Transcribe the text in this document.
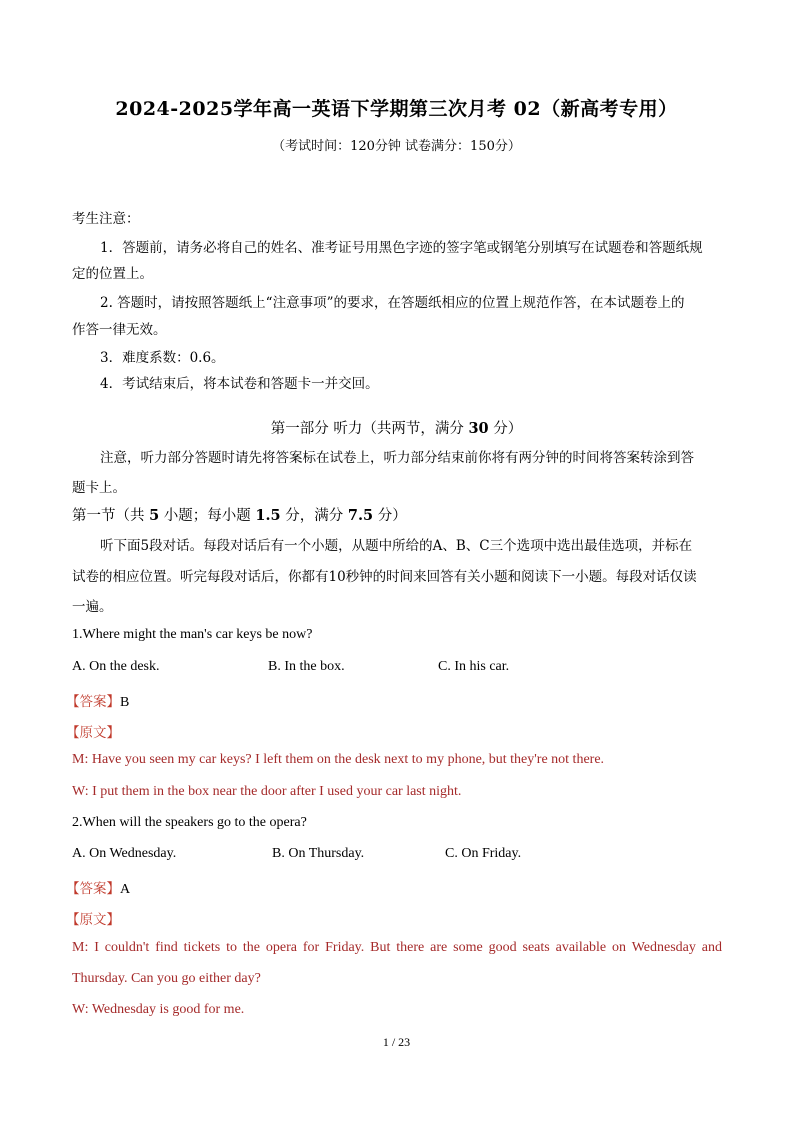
2024-2025学年高一英语下学期第三次月考 02（新高考专用）
（考试时间：120分钟 试卷满分：150分）
考生注意：
1．答题前，请务必将自己的姓名、准考证号用黑色字迹的签字笔或钢笔分别填写在试题卷和答题纸规
定的位置上。
2. 答题时，请按照答题纸上“注意事项”的要求，在答题纸相应的位置上规范作答，在本试题卷上的
作答一律无效。
3．难度系数：0.6。
4．考试结束后，将本试卷和答题卡一并交回。
第一部分 听力（共两节，满分 30 分）
注意，听力部分答题时请先将答案标在试卷上，听力部分结束前你将有两分钟的时间将答案转涂到答
题卡上。
第一节（共 5 小题；每小题 1.5 分，满分 7.5 分）
听下面5段对话。每段对话后有一个小题，从题中所给的A、B、C三个选项中选出最佳选项，并标在
试卷的相应位置。听完每段对话后，你都有10秒钟的时间来回答有关小题和阅读下一小题。每段对话仅读
一遍。
1.Where might the man's car keys be now?
A. On the desk.	B. In the box.	C. In his car.
【答案】B
【原文】
M: Have you seen my car keys? I left them on the desk next to my phone, but they're not there.
W: I put them in the box near the door after I used your car last night.
2.When will the speakers go to the opera?
A. On Wednesday.	B. On Thursday.	C. On Friday.
【答案】A
【原文】
M: I couldn't find tickets to the opera for Friday. But there are some good seats available on Wednesday and
Thursday. Can you go either day?
W: Wednesday is good for me.
1 / 23
